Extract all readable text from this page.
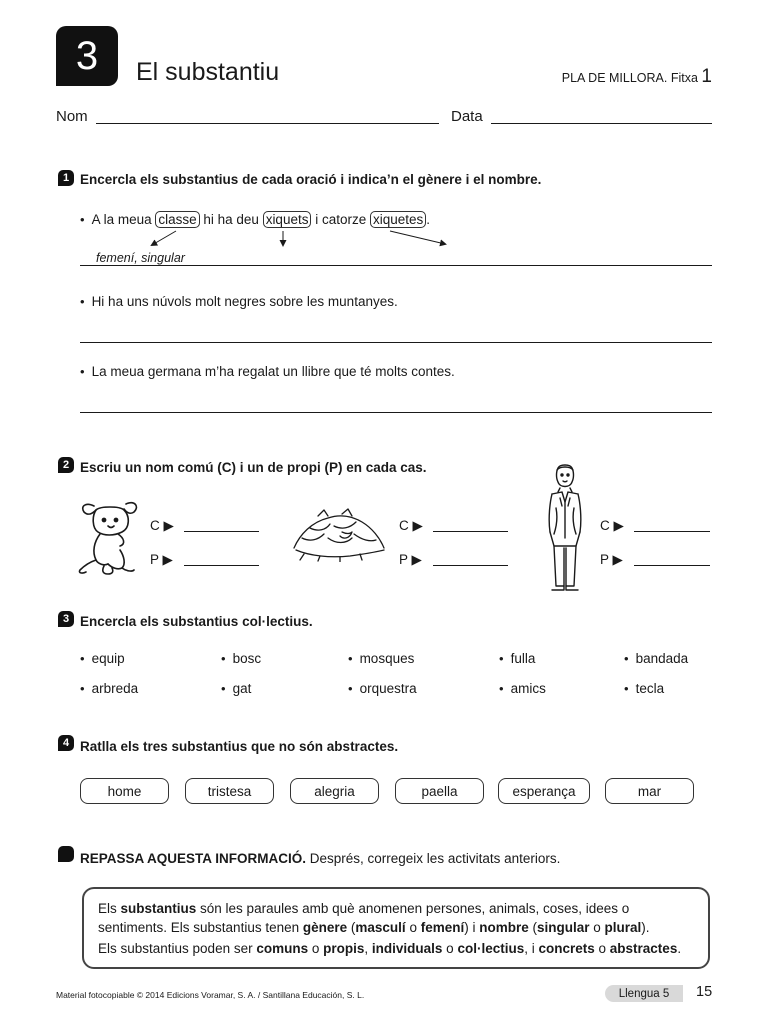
3	El substantiu	PLA DE MILLORA. Fitxa 1
Nom	Data
1 Encercla els substantius de cada oració i indica’n el gènere i el nombre.
• A la meua classe hi ha deu xiquets i catorze xiquetes .
femení, singular
• Hi ha uns núvols molt negres sobre les muntanyes.
• La meua germana m’ha regalat un llibre que té molts contes.
2 Escriu un nom comú (C) i un de propi (P) en cada cas.
C ▶
P ▶
C ▶
P ▶
C ▶
P ▶
3 Encercla els substantius col·lectius.
• equip	• bosc	• mosques	• fulla	• bandada
• arbreda	• gat	• orquestra	• amics	• tecla
4 Ratlla els tres substantius que no són abstractes.
home	tristesa	alegria	paella	esperança	mar
REPASSA AQUESTA INFORMACIÓ. Després, corregeix les activitats anteriors.

Els substantius són les paraules amb què anomenen persones, animals, coses, idees o sentiments. Els substantius tenen gènere (masculí o femení) i nombre (singular o plural).

Els substantius poden ser comuns o propis, individuals o col·lectius, i concrets o abstractes.

Material fotocopiable © 2014 Edicions Voramar, S. A. / Santillana Educación, S. L.	Llengua 5	15
